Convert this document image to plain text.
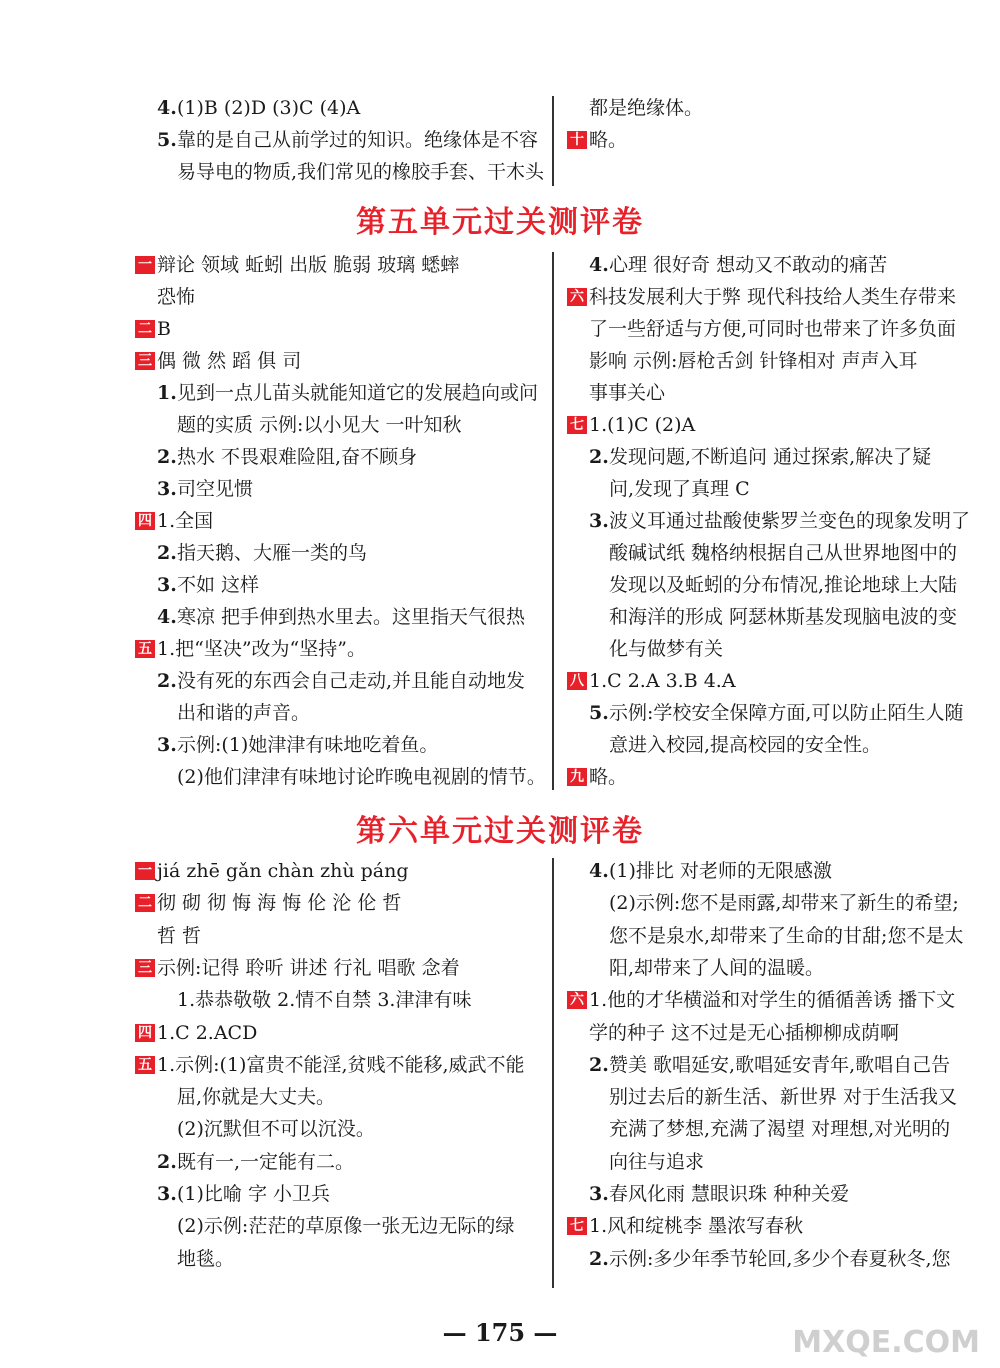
4. (1)B (2)D (3)C (4)A
5. 靠的是自己从前学过的知识。绝缘体是不容
易导电的物质,我们常见的橡胶手套、干木头
都是绝缘体。
十 略。
一 辩论 领域 蚯蚓 出版 脆弱 玻璃 蟋蟀
恐怖
二 B
三 偶 微 然 蹈 俱 司
1. 见到一点儿苗头就能知道它的发展趋向或问
题的实质 示例:以小见大 一叶知秋
2. 热水 不畏艰难险阻,奋不顾身
3. 司空见惯
四 1.全国
2. 指天鹅、大雁一类的鸟
3. 不如 这样
4. 寒凉 把手伸到热水里去。这里指天气很热
五 1.把“坚决”改为“坚持”。
2. 没有死的东西会自己走动,并且能自动地发
出和谐的声音。
3. 示例:(1)她津津有味地吃着鱼。
(2)他们津津有味地讨论昨晚电视剧的情节。
4. 心理 很好奇 想动又不敢动的痛苦
六 科技发展利大于弊 现代科技给人类生存带来
了一些舒适与方便,可同时也带来了许多负面
影响 示例:唇枪舌剑 针锋相对 声声入耳
事事关心
七 1.(1)C (2)A
2. 发现问题,不断追问 通过探索,解决了疑
问,发现了真理 C
3. 波义耳通过盐酸使紫罗兰变色的现象发明了
酸碱试纸 魏格纳根据自己从世界地图中的
发现以及蚯蚓的分布情况,推论地球上大陆
和海洋的形成 阿瑟林斯基发现脑电波的变
化与做梦有关
八 1.C 2.A 3.B 4.A
5. 示例:学校安全保障方面,可以防止陌生人随
意进入校园,提高校园的安全性。
九 略。
一 jiá zhē gǎn chàn zhù páng
二 彻 砌 彻 悔 海 悔 伦 沦 伦 哲
哲 哲
三 示例:记得 聆听 讲述 行礼 唱歌 念着
1.恭恭敬敬 2.情不自禁 3.津津有味
四 1.C 2.ACD
五 1.示例:(1)富贵不能淫,贫贱不能移,威武不能
屈,你就是大丈夫。
(2)沉默但不可以沉没。
2. 既有一,一定能有二。
3. (1)比喻 字 小卫兵
(2)示例:茫茫的草原像一张无边无际的绿
地毯。
4. (1)排比 对老师的无限感激
(2)示例:您不是雨露,却带来了新生的希望;
您不是泉水,却带来了生命的甘甜;您不是太
阳,却带来了人间的温暖。
六 1.他的才华横溢和对学生的循循善诱 播下文
学的种子 这不过是无心插柳柳成荫啊
2. 赞美 歌唱延安,歌唱延安青年,歌唱自己告
别过去后的新生活、新世界 对于生活我又
充满了梦想,充满了渴望 对理想,对光明的
向往与追求
3. 春风化雨 慧眼识珠 种种关爱
七 1.风和绽桃李 墨浓写春秋
2. 示例:多少年季节轮回,多少个春夏秋冬,您
第五单元过关测评卷
第六单元过关测评卷
— 175 —	MXQE.COM
